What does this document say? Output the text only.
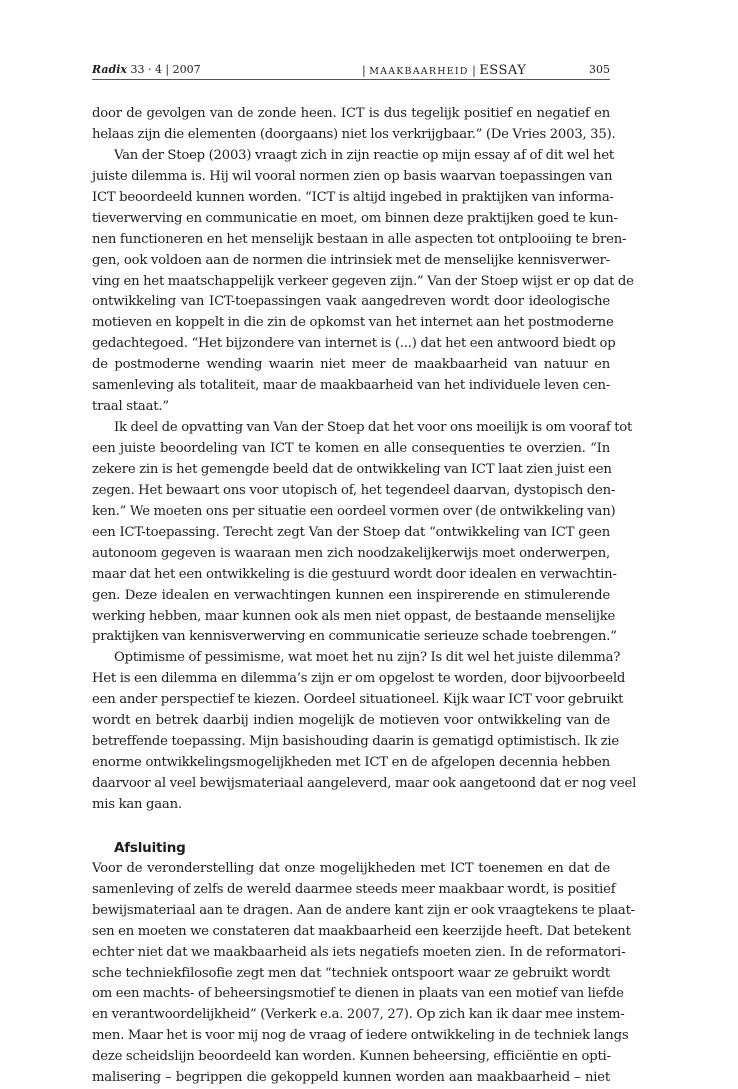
Radix 33 · 4 | 2007	| MAAKBAARHEID | ESSAY	305
door de gevolgen van de zonde heen. ICT is dus tegelijk positief en negatief en
helaas zijn die elementen (doorgaans) niet los verkrijgbaar.” (De Vries 2003, 35).
Van der Stoep (2003) vraagt zich in zijn reactie op mijn essay af of dit wel het
juiste dilemma is. Hij wil vooral normen zien op basis waarvan toepassingen van
ICT beoordeeld kunnen worden. “ICT is altijd ingebed in praktijken van informa-
tieverwerving en communicatie en moet, om binnen deze praktijken goed te kun-
nen functioneren en het menselijk bestaan in alle aspecten tot ontplooiing te bren-
gen, ook voldoen aan de normen die intrinsiek met de menselijke kennisverwer-
ving en het maatschappelijk verkeer gegeven zijn.” Van der Stoep wijst er op dat de
ontwikkeling van ICT-toepassingen vaak aangedreven wordt door ideologische
motieven en koppelt in die zin de opkomst van het internet aan het postmoderne
gedachtegoed. “Het bijzondere van internet is (...) dat het een antwoord biedt op
de postmoderne wending waarin niet meer de maakbaarheid van natuur en
samenleving als totaliteit, maar de maakbaarheid van het individuele leven cen-
traal staat.”
Ik deel de opvatting van Van der Stoep dat het voor ons moeilijk is om vooraf tot
een juiste beoordeling van ICT te komen en alle consequenties te overzien. “In
zekere zin is het gemengde beeld dat de ontwikkeling van ICT laat zien juist een
zegen. Het bewaart ons voor utopisch of, het tegendeel daarvan, dystopisch den-
ken.” We moeten ons per situatie een oordeel vormen over (de ontwikkeling van)
een ICT-toepassing. Terecht zegt Van der Stoep dat “ontwikkeling van ICT geen
autonoom gegeven is waaraan men zich noodzakelijkerwijs moet onderwerpen,
maar dat het een ontwikkeling is die gestuurd wordt door idealen en verwachtin-
gen. Deze idealen en verwachtingen kunnen een inspirerende en stimulerende
werking hebben, maar kunnen ook als men niet oppast, de bestaande menselijke
praktijken van kennisverwerving en communicatie serieuze schade toebrengen.”
Optimisme of pessimisme, wat moet het nu zijn? Is dit wel het juiste dilemma?
Het is een dilemma en dilemma’s zijn er om opgelost te worden, door bijvoorbeeld
een ander perspectief te kiezen. Oordeel situationeel. Kijk waar ICT voor gebruikt
wordt en betrek daarbij indien mogelijk de motieven voor ontwikkeling van de
betreffende toepassing. Mijn basishouding daarin is gematigd optimistisch. Ik zie
enorme ontwikkelingsmogelijkheden met ICT en de afgelopen decennia hebben
daarvoor al veel bewijsmateriaal aangeleverd, maar ook aangetoond dat er nog veel
mis kan gaan.
Afsluiting
Voor de veronderstelling dat onze mogelijkheden met ICT toenemen en dat de
samenleving of zelfs de wereld daarmee steeds meer maakbaar wordt, is positief
bewijsmateriaal aan te dragen. Aan de andere kant zijn er ook vraagtekens te plaat-
sen en moeten we constateren dat maakbaarheid een keerzijde heeft. Dat betekent
echter niet dat we maakbaarheid als iets negatiefs moeten zien. In de reformatori-
sche techniekfilosofie zegt men dat “techniek ontspoort waar ze gebruikt wordt
om een machts- of beheersingsmotief te dienen in plaats van een motief van liefde
en verantwoordelijkheid” (Verkerk e.a. 2007, 27). Op zich kan ik daar mee instem-
men. Maar het is voor mij nog de vraag of iedere ontwikkeling in de techniek langs
deze scheidslijn beoordeeld kan worden. Kunnen beheersing, efficiëntie en opti-
malisering – begrippen die gekoppeld kunnen worden aan maakbaarheid – niet
